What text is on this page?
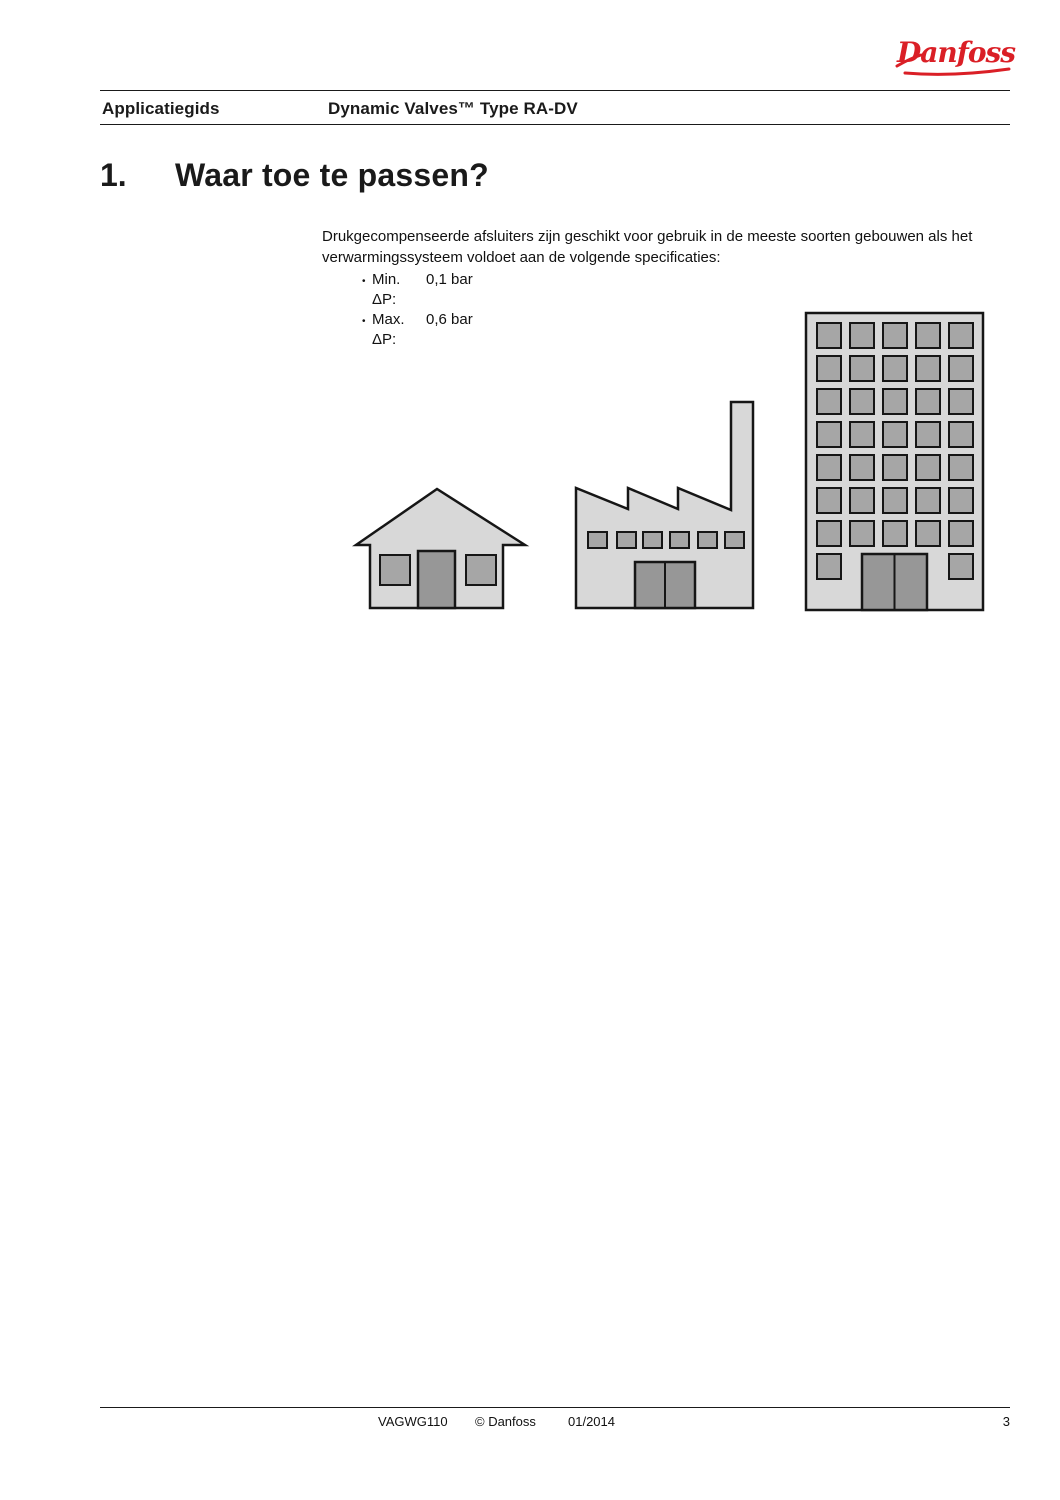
Danfoss
Applicatiegids	Dynamic Valves™ Type RA-DV
1. Waar toe te passen?

Drukgecompenseerde afsluiters zijn geschikt voor gebruik in de meeste soorten gebouwen als het verwarmingssysteem voldoet aan de volgende specificaties:

• Min. ΔP:
0,1 bar
• Max. ΔP:
0,6 bar
VAGWG110 © Danfoss 01/2014	3
